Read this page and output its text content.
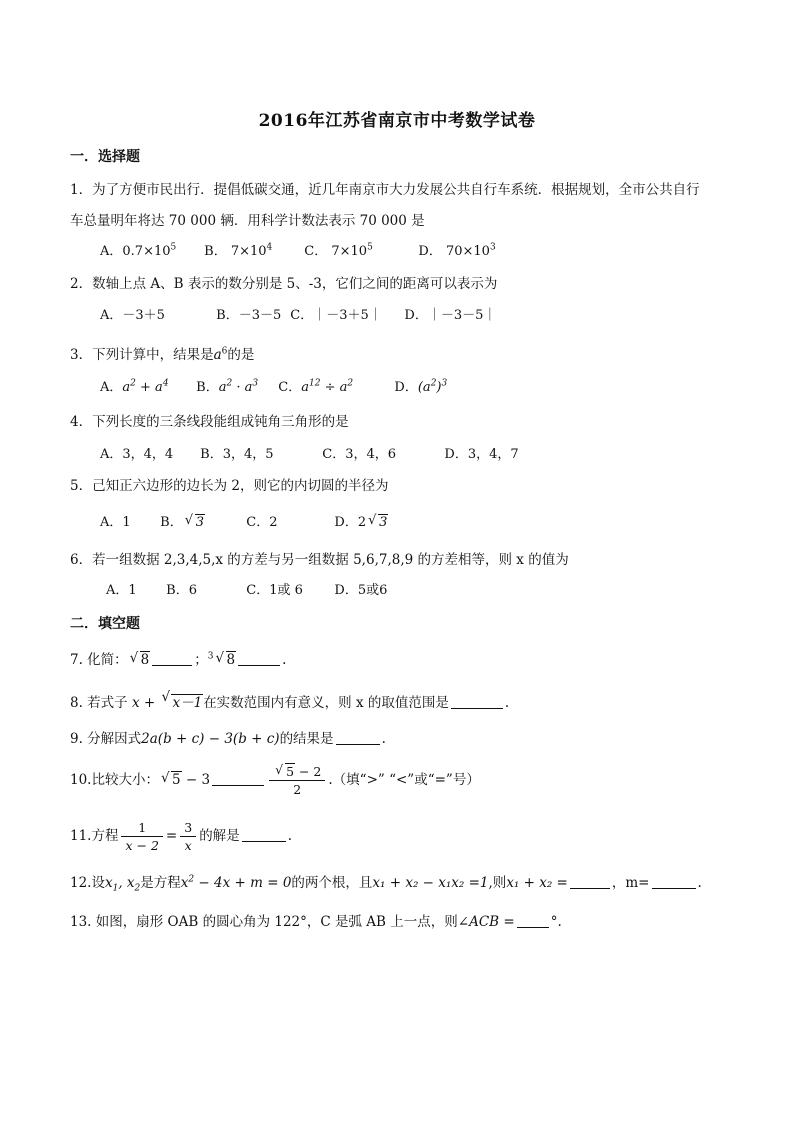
2016年江苏省南京市中考数学试卷
一．选择题
1．为了方便市民出行．提倡低碳交通，近几年南京市大力发展公共自行车系统．根据规划，全市公共自行
车总量明年将达 70 000 辆．用科学计数法表示 70 000 是
A．$0.7\times 10^5$ B． $7\times 10^4$ C． $7\times 10^5$	D． $70\times 10^3$
2．数轴上点 A、B 表示的数分别是 5、-3，它们之间的距离可以表示为
A．－3＋5	B．－3－5 C．｜－3＋5｜ D．｜－3－5｜
3．下列计算中，结果是$a^6$的是
A．$a^2 + a^4$ B．$a^2 \cdot a^3$ C．$a^{12} \div a^2$	D．$(a^2)^3$
4．下列长度的三条线段能组成钝角三角形的是
A．3，4，4 B．3，4，5	C．3，4，6	D．3，4，7
5．己知正六边形的边长为 2，则它的内切圆的半径为
A．1 B． √ 3	C．2	D．2 √ 3
6．若一组数据 2,3,4,5,x 的方差与另一组数据 5,6,7,8,9 的方差相等，则 x 的值为
A．1 B．6	C．1或 6 D．5或6
二．填空题
7. 化简： √ 8	；$^3$ √ 8	.
8. 若式子 x + √ x－1在实数范围内有意义，则 x 的取值范围是	.
9. 分解因式2a(b + c) − 3(b + c)的结果是	.
10.比较大小： √ 5 − 3	√ $\frac{5 - 2}{2}$ .（填“>” “<”或“=”号）
11.方程 $\frac{1}{x - 2} = \frac{3}{x}$ 的解是	.
12.设$x_1$, $x_2$是方程$x^2 - 4x + m = 0$的两个根，且x₁ + x₂ − x₁x₂ =1,则x₁ + x₂ =	，m=	.
13. 如图，扇形 OAB 的圆心角为 122°，C 是弧 AB 上一点，则∠ACB =	°.
